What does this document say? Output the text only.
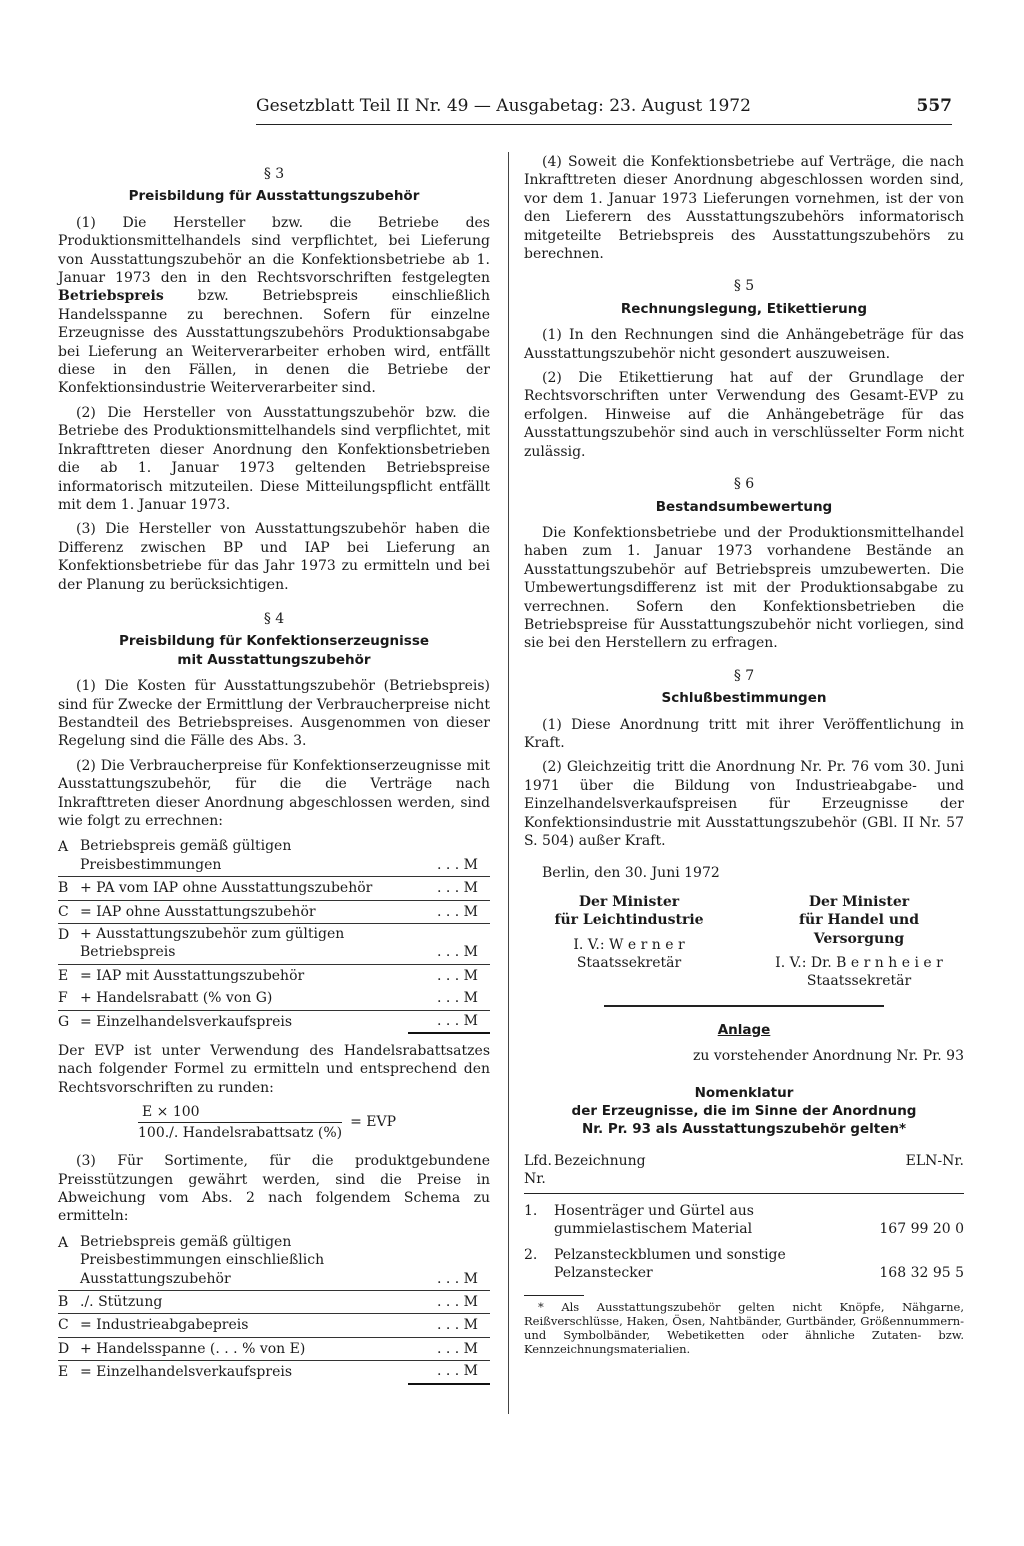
Gesetzblatt Teil II Nr. 49 — Ausgabetag: 23. August 1972	557
§ 3
Preisbildung für Ausstattungszubehör

(1) Die Hersteller bzw. die Betriebe des Produktionsmittelhandels sind verpflichtet, bei Lieferung von Ausstattungszubehör an die Konfektionsbetriebe ab 1. Januar 1973 den in den Rechtsvorschriften festgelegten Betriebspreis bzw. Betriebspreis einschließlich Handelsspanne zu berechnen. Sofern für einzelne Erzeugnisse des Ausstattungszubehörs Produktionsabgabe bei Lieferung an Weiterverarbeiter erhoben wird, entfällt diese in den Fällen, in denen die Betriebe der Konfektionsindustrie Weiterverarbeiter sind.

(2) Die Hersteller von Ausstattungszubehör bzw. die Betriebe des Produktionsmittelhandels sind verpflichtet, mit Inkrafttreten dieser Anordnung den Konfektionsbetrieben die ab 1. Januar 1973 geltenden Betriebspreise informatorisch mitzuteilen. Diese Mitteilungspflicht entfällt mit dem 1. Januar 1973.

(3) Die Hersteller von Ausstattungszubehör haben die Differenz zwischen BP und IAP bei Lieferung an Konfektionsbetriebe für das Jahr 1973 zu ermitteln und bei der Planung zu berücksichtigen.

§ 4
Preisbildung für Konfektionserzeugnisse
mit Ausstattungszubehör

(1) Die Kosten für Ausstattungszubehör (Betriebspreis) sind für Zwecke der Ermittlung der Verbraucherpreise nicht Bestandteil des Betriebspreises. Ausgenommen von dieser Regelung sind die Fälle des Abs. 3.

(2) Die Verbraucherpreise für Konfektionserzeugnisse mit Ausstattungszubehör, für die die Verträge nach Inkrafttreten dieser Anordnung abgeschlossen werden, sind wie folgt zu errechnen:

A	Betriebspreis gemäß gültigen Preisbestimmungen	. . . M
B	+ PA vom IAP ohne Ausstattungszubehör	. . . M
C	= IAP ohne Ausstattungszubehör	. . . M
D	+ Ausstattungszubehör zum gültigen Betriebspreis	. . . M
E	= IAP mit Ausstattungszubehör	. . . M
F	+ Handelsrabatt (% von G)	. . . M
G	= Einzelhandelsverkaufspreis	. . . M

Der EVP ist unter Verwendung des Handelsrabattsatzes nach folgender Formel zu ermitteln und entsprechend den Rechtsvorschriften zu runden:

$\frac{E \times 100}{\text{100./. Handelsrabattsatz (\%)}}$ = EVP

(3) Für Sortimente, für die produktgebundene Preisstützungen gewährt werden, sind die Preise in Abweichung vom Abs. 2 nach folgendem Schema zu ermitteln:

A	Betriebspreis gemäß gültigen Preisbestimmungen einschließlich Ausstattungszubehör	. . . M
B	./. Stützung	. . . M
C	= Industrieabgabepreis	. . . M
D	+ Handelsspanne (. . . % von E)	. . . M
E	= Einzelhandelsverkaufspreis	. . . M

(4) Soweit die Konfektionsbetriebe auf Verträge, die nach Inkrafttreten dieser Anordnung abgeschlossen worden sind, vor dem 1. Januar 1973 Lieferungen vornehmen, ist der von den Lieferern des Ausstattungszubehörs informatorisch mitgeteilte Betriebspreis des Ausstattungszubehörs zu berechnen.

§ 5
Rechnungslegung, Etikettierung

(1) In den Rechnungen sind die Anhängebeträge für das Ausstattungszubehör nicht gesondert auszuweisen.

(2) Die Etikettierung hat auf der Grundlage der Rechtsvorschriften unter Verwendung des Gesamt-EVP zu erfolgen. Hinweise auf die Anhängebeträge für das Ausstattungszubehör sind auch in verschlüsselter Form nicht zulässig.

§ 6
Bestandsumbewertung

Die Konfektionsbetriebe und der Produktionsmittelhandel haben zum 1. Januar 1973 vorhandene Bestände an Ausstattungszubehör auf Betriebspreis umzubewerten. Die Umbewertungsdifferenz ist mit der Produktionsabgabe zu verrechnen. Sofern den Konfektionsbetrieben die Betriebspreise für Ausstattungszubehör nicht vorliegen, sind sie bei den Herstellern zu erfragen.

§ 7
Schlußbestimmungen

(1) Diese Anordnung tritt mit ihrer Veröffentlichung in Kraft.

(2) Gleichzeitig tritt die Anordnung Nr. Pr. 76 vom 30. Juni 1971 über die Bildung von Industrieabgabe- und Einzelhandelsverkaufspreisen für Erzeugnisse der Konfektionsindustrie mit Ausstattungszubehör (GBl. II Nr. 57 S. 504) außer Kraft.

Berlin, den 30. Juni 1972

Der Minister
für Leichtindustrie
I. V.: W e r n e r
Staatssekretär
Der Minister
für Handel und Versorgung
I. V.: Dr. B e r n h e i e r
Staatssekretär
Anlage
zu vorstehender Anordnung Nr. Pr. 93
Nomenklatur
der Erzeugnisse, die im Sinne der Anordnung
Nr. Pr. 93 als Ausstattungszubehör gelten*
Lfd. Nr.	Bezeichnung	ELN-Nr.
1.	Hosenträger und Gürtel aus gummielastischem Material	167 99 20 0
2.	Pelzansteckblumen und sonstige Pelzanstecker	168 32 95 5
* Als Ausstattungszubehör gelten nicht Knöpfe, Nähgarne, Reißverschlüsse, Haken, Ösen, Nahtbänder, Gurtbänder, Größennummern- und Symbolbänder, Webetiketten oder ähnliche Zutaten- bzw. Kennzeichnungsmaterialien.
